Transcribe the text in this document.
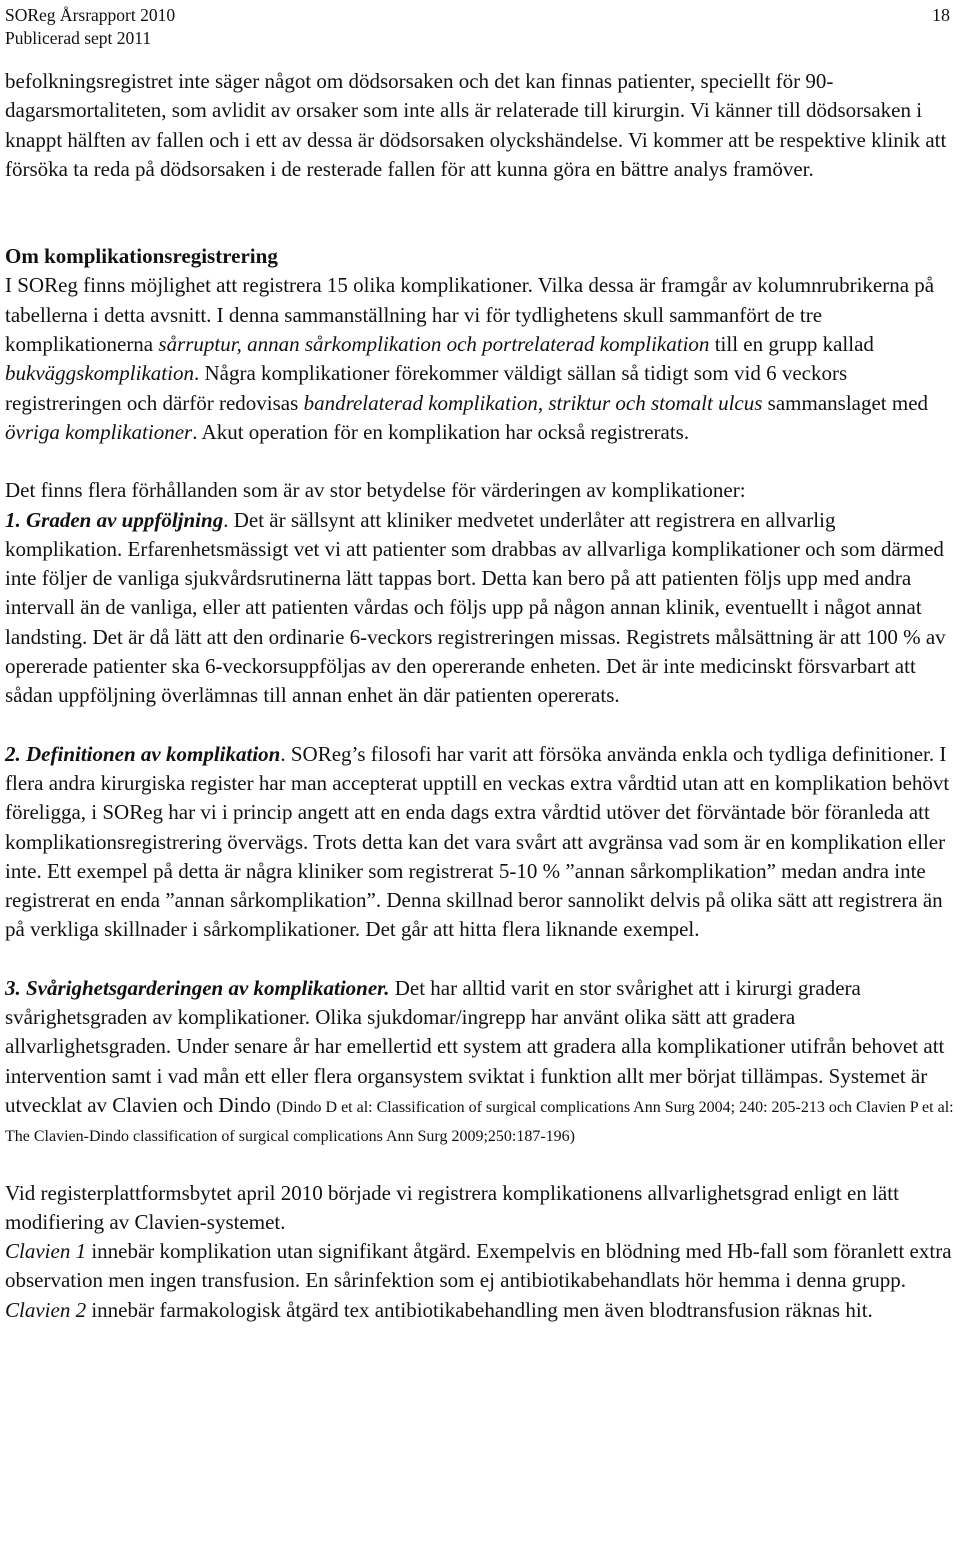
SOReg Årsrapport 2010
Publicerad sept 2011
18

befolkningsregistret inte säger något om dödsorsaken och det kan finnas patienter, speciellt för 90-dagarsmortaliteten, som avlidit av orsaker som inte alls är relaterade till kirurgin. Vi känner till dödsorsaken i knappt hälften av fallen och i ett av dessa är dödsorsaken olyckshändelse. Vi kommer att be respektive klinik att försöka ta reda på dödsorsaken i de resterade fallen för att kunna göra en bättre analys framöver.

Om komplikationsregistrering

I SOReg finns möjlighet att registrera 15 olika komplikationer. Vilka dessa är framgår av kolumnrubrikerna på tabellerna i detta avsnitt. I denna sammanställning har vi för tydlighetens skull sammanfört de tre komplikationerna sårruptur, annan sårkomplikation och portrelaterad komplikation till en grupp kallad bukväggskomplikation. Några komplikationer förekommer väldigt sällan så tidigt som vid 6 veckors registreringen och därför redovisas bandrelaterad komplikation, striktur och stomalt ulcus sammanslaget med övriga komplikationer. Akut operation för en komplikation har också registrerats.

Det finns flera förhållanden som är av stor betydelse för värderingen av komplikationer:

1. Graden av uppföljning. Det är sällsynt att kliniker medvetet underlåter att registrera en allvarlig komplikation. Erfarenhetsmässigt vet vi att patienter som drabbas av allvarliga komplikationer och som därmed inte följer de vanliga sjukvårdsrutinerna lätt tappas bort. Detta kan bero på att patienten följs upp med andra intervall än de vanliga, eller att patienten vårdas och följs upp på någon annan klinik, eventuellt i något annat landsting. Det är då lätt att den ordinarie 6-veckors registreringen missas. Registrets målsättning är att 100 % av opererade patienter ska 6-veckorsuppföljas av den opererande enheten. Det är inte medicinskt försvarbart att sådan uppföljning överlämnas till annan enhet än där patienten opererats.

2. Definitionen av komplikation. SOReg’s filosofi har varit att försöka använda enkla och tydliga definitioner. I flera andra kirurgiska register har man accepterat upptill en veckas extra vårdtid utan att en komplikation behövt föreligga, i SOReg har vi i princip angett att en enda dags extra vårdtid utöver det förväntade bör föranleda att komplikationsregistrering övervägs. Trots detta kan det vara svårt att avgränsa vad som är en komplikation eller inte. Ett exempel på detta är några kliniker som registrerat 5-10 % ”annan sårkomplikation” medan andra inte registrerat en enda ”annan sårkomplikation”. Denna skillnad beror sannolikt delvis på olika sätt att registrera än på verkliga skillnader i sårkomplikationer. Det går att hitta flera liknande exempel.

3. Svårighetsgarderingen av komplikationer. Det har alltid varit en stor svårighet att i kirurgi gradera svårighetsgraden av komplikationer. Olika sjukdomar/ingrepp har använt olika sätt att gradera allvarlighetsgraden. Under senare år har emellertid ett system att gradera alla komplikationer utifrån behovet att intervention samt i vad mån ett eller flera organsystem sviktat i funktion allt mer börjat tillämpas. Systemet är utvecklat av Clavien och Dindo (Dindo D et al: Classification of surgical complications Ann Surg 2004; 240: 205-213 och Clavien P et al: The Clavien-Dindo classification of surgical complications Ann Surg 2009;250:187-196)

Vid registerplattformsbytet april 2010 började vi registrera komplikationens allvarlighetsgrad enligt en lätt modifiering av Clavien-systemet.

Clavien 1 innebär komplikation utan signifikant åtgärd. Exempelvis en blödning med Hb-fall som föranlett extra observation men ingen transfusion. En sårinfektion som ej antibiotikabehandlats hör hemma i denna grupp.

Clavien 2 innebär farmakologisk åtgärd tex antibiotikabehandling men även blodtransfusion räknas hit.
